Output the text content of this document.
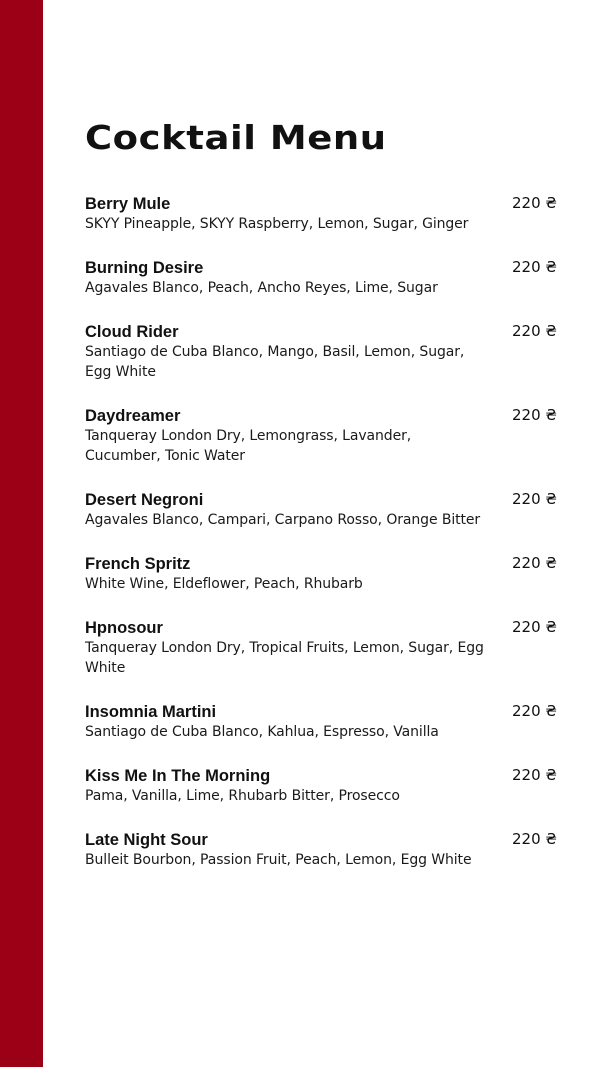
Cocktail Menu
Berry Mule
SKYY Pineapple, SKYY Raspberry, Lemon, Sugar, Ginger
220 ₴
Burning Desire
Agavales Blanco, Peach, Ancho Reyes, Lime, Sugar
220 ₴
Cloud Rider
Santiago de Cuba Blanco, Mango, Basil, Lemon, Sugar, Egg White
220 ₴
Daydreamer
Tanqueray London Dry, Lemongrass, Lavander, Cucumber, Tonic Water
220 ₴
Desert Negroni
Agavales Blanco, Campari, Carpano Rosso, Orange Bitter
220 ₴
French Spritz
White Wine, Eldeflower, Peach, Rhubarb
220 ₴
Hpnosour
Tanqueray London Dry, Tropical Fruits, Lemon, Sugar, Egg White
220 ₴
Insomnia Martini
Santiago de Cuba Blanco, Kahlua, Espresso, Vanilla
220 ₴
Kiss Me In The Morning
Pama, Vanilla, Lime, Rhubarb Bitter, Prosecco
220 ₴
Late Night Sour
Bulleit Bourbon, Passion Fruit, Peach, Lemon, Egg White
220 ₴
